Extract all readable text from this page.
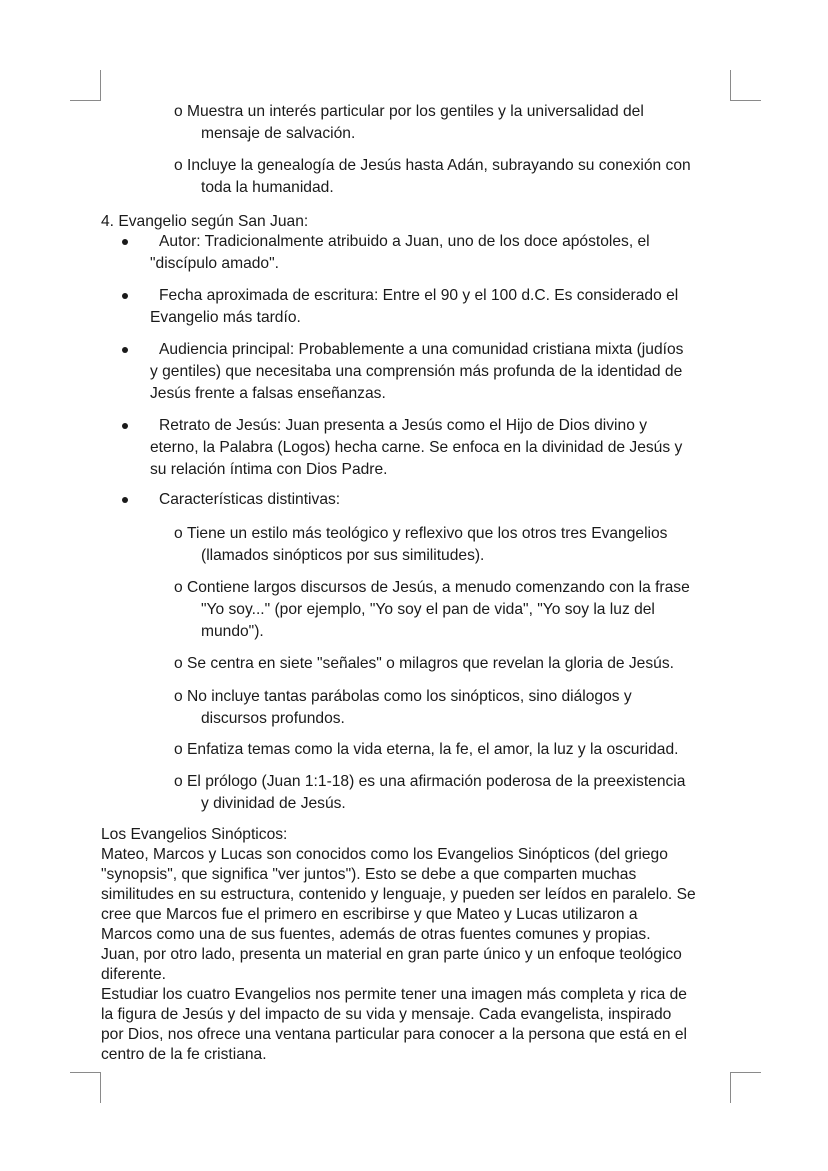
o Muestra un interés particular por los gentiles y la universalidad del
mensaje de salvación.
o Incluye la genealogía de Jesús hasta Adán, subrayando su conexión con
toda la humanidad.
4. Evangelio según San Juan:
Autor: Tradicionalmente atribuido a Juan, uno de los doce apóstoles, el
"discípulo amado".
Fecha aproximada de escritura: Entre el 90 y el 100 d.C. Es considerado el
Evangelio más tardío.
Audiencia principal: Probablemente a una comunidad cristiana mixta (judíos
y gentiles) que necesitaba una comprensión más profunda de la identidad de
Jesús frente a falsas enseñanzas.
Retrato de Jesús: Juan presenta a Jesús como el Hijo de Dios divino y
eterno, la Palabra (Logos) hecha carne. Se enfoca en la divinidad de Jesús y
su relación íntima con Dios Padre.
Características distintivas:
o Tiene un estilo más teológico y reflexivo que los otros tres Evangelios
(llamados sinópticos por sus similitudes).
o Contiene largos discursos de Jesús, a menudo comenzando con la frase
"Yo soy..." (por ejemplo, "Yo soy el pan de vida", "Yo soy la luz del
mundo").
o Se centra en siete "señales" o milagros que revelan la gloria de Jesús.
o No incluye tantas parábolas como los sinópticos, sino diálogos y
discursos profundos.
o Enfatiza temas como la vida eterna, la fe, el amor, la luz y la oscuridad.
o El prólogo (Juan 1:1-18) es una afirmación poderosa de la preexistencia
y divinidad de Jesús.

Los Evangelios Sinópticos:

Mateo, Marcos y Lucas son conocidos como los Evangelios Sinópticos (del griego

"synopsis", que significa "ver juntos"). Esto se debe a que comparten muchas

similitudes en su estructura, contenido y lenguaje, y pueden ser leídos en paralelo. Se

cree que Marcos fue el primero en escribirse y que Mateo y Lucas utilizaron a

Marcos como una de sus fuentes, además de otras fuentes comunes y propias.

Juan, por otro lado, presenta un material en gran parte único y un enfoque teológico

diferente.

Estudiar los cuatro Evangelios nos permite tener una imagen más completa y rica de

la figura de Jesús y del impacto de su vida y mensaje. Cada evangelista, inspirado

por Dios, nos ofrece una ventana particular para conocer a la persona que está en el

centro de la fe cristiana.
